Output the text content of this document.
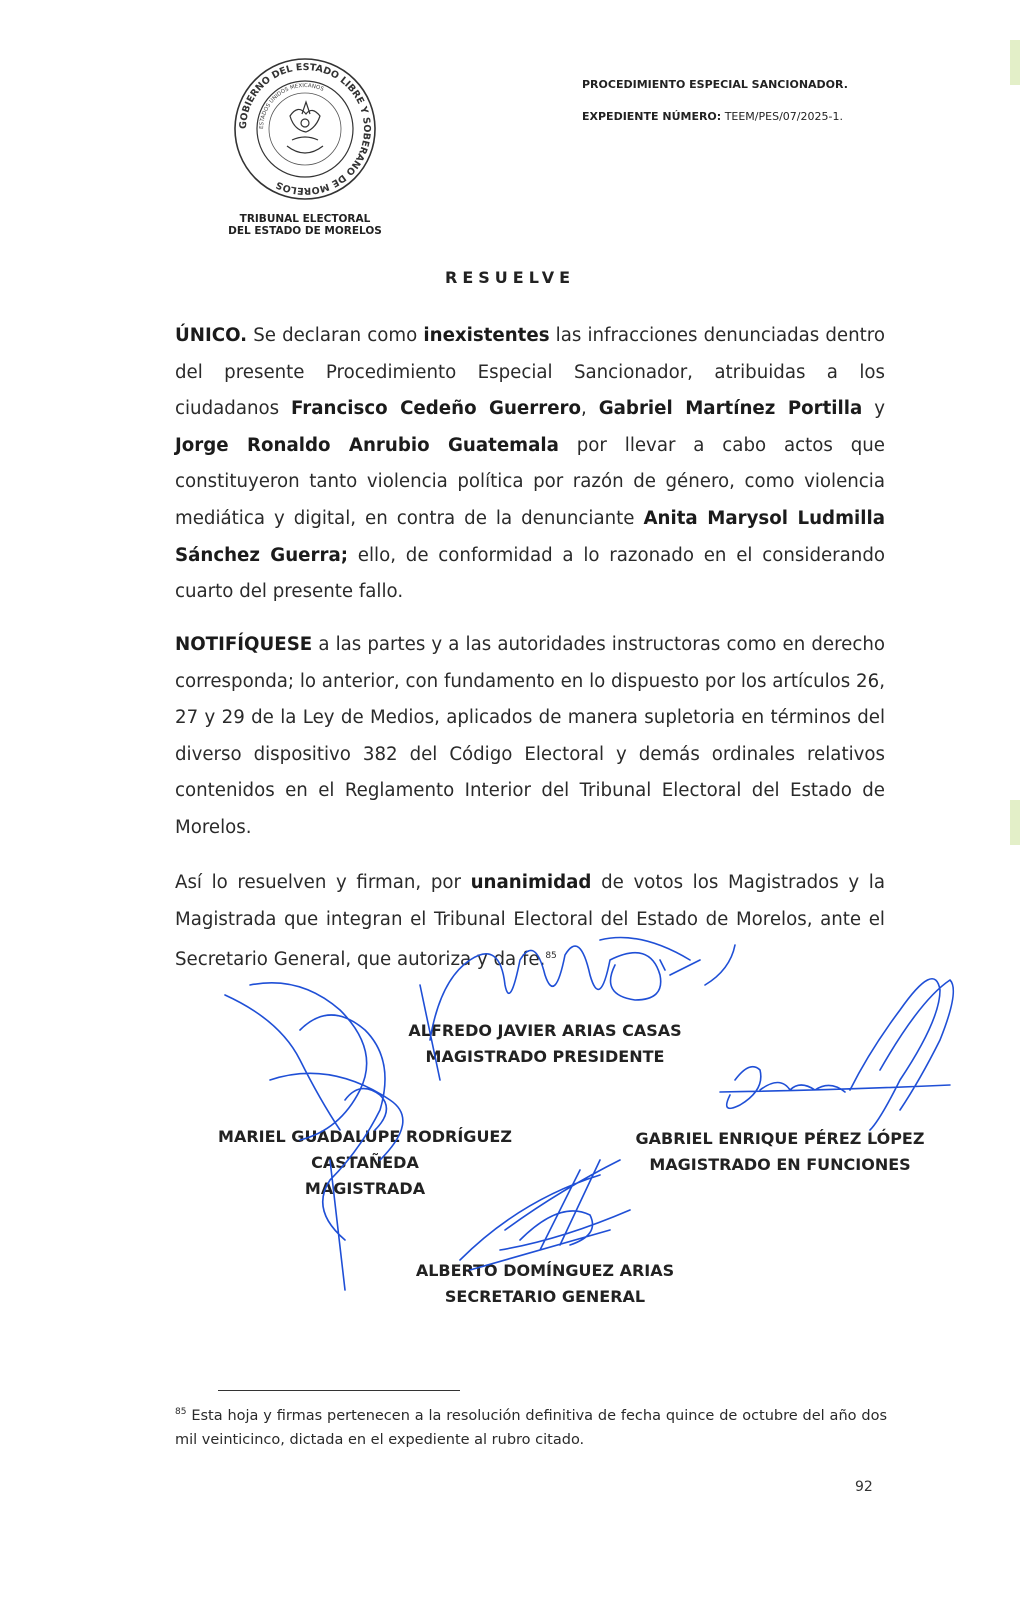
GOBIERNO DEL ESTADO LIBRE Y SOBERANO DE MORELOS
ESTADOS UNIDOS MEXICANOS
TRIBUNAL ELECTORAL
DEL ESTADO DE MORELOS
PROCEDIMIENTO ESPECIAL SANCIONADOR.
EXPEDIENTE NÚMERO: TEEM/PES/07/2025-1.
RESUELVE
ÚNICO. Se declaran como inexistentes las infracciones denunciadas dentro del presente Procedimiento Especial Sancionador, atribuidas a los ciudadanos Francisco Cedeño Guerrero, Gabriel Martínez Portilla y Jorge Ronaldo Anrubio Guatemala por llevar a cabo actos que constituyeron tanto violencia política por razón de género, como violencia mediática y digital, en contra de la denunciante Anita Marysol Ludmilla Sánchez Guerra; ello, de conformidad a lo razonado en el considerando cuarto del presente fallo.
NOTIFÍQUESE a las partes y a las autoridades instructoras como en derecho corresponda; lo anterior, con fundamento en lo dispuesto por los artículos 26, 27 y 29 de la Ley de Medios, aplicados de manera supletoria en términos del diverso dispositivo 382 del Código Electoral y demás ordinales relativos contenidos en el Reglamento Interior del Tribunal Electoral del Estado de Morelos.
Así lo resuelven y firman, por unanimidad de votos los Magistrados y la Magistrada que integran el Tribunal Electoral del Estado de Morelos, ante el Secretario General, que autoriza y da fe.$^{85}$
ALFREDO JAVIER ARIAS CASAS
MAGISTRADO PRESIDENTE
MARIEL GUADALUPE RODRÍGUEZ
CASTAÑEDA
MAGISTRADA
GABRIEL ENRIQUE PÉREZ LÓPEZ
MAGISTRADO EN FUNCIONES
ALBERTO DOMÍNGUEZ ARIAS
SECRETARIO GENERAL
$^{85}$ Esta hoja y firmas pertenecen a la resolución definitiva de fecha quince de octubre del año dos mil veinticinco, dictada en el expediente al rubro citado.
92
